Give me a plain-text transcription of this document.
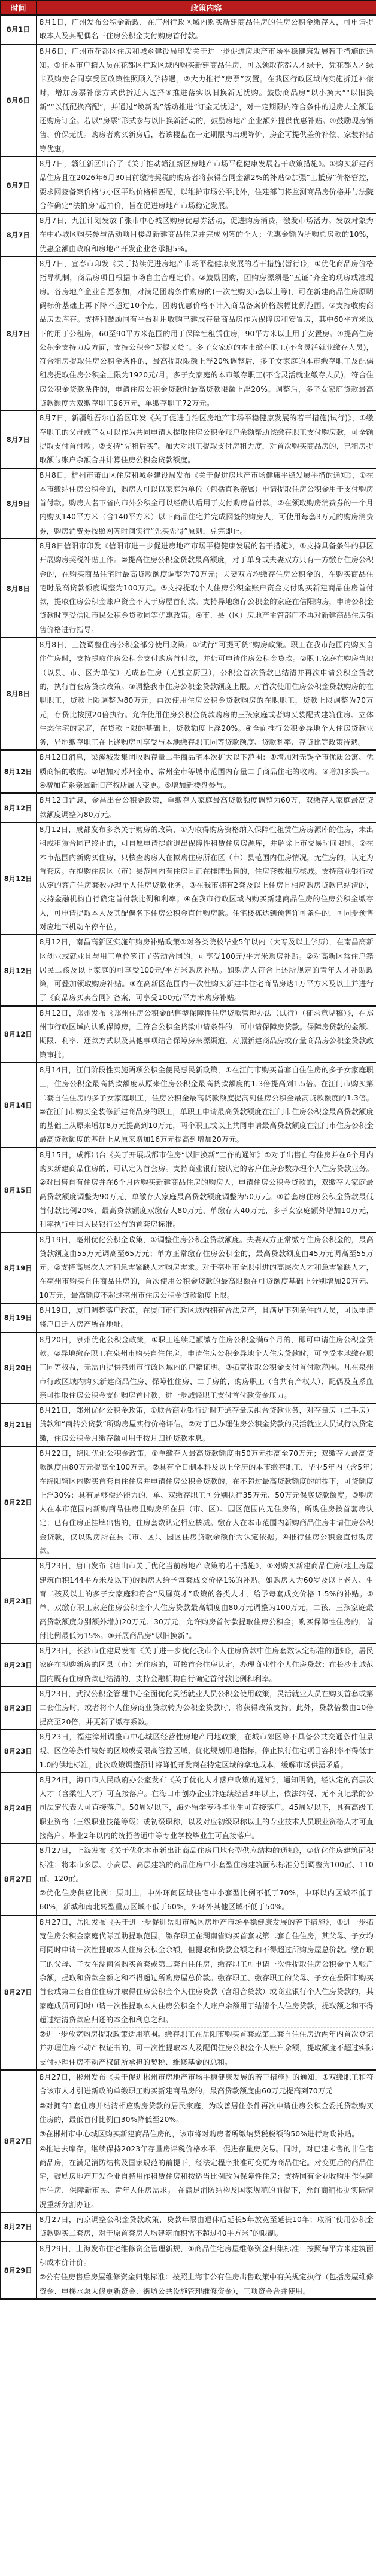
时间	政策内容
8月1日	8月1日，广州发布公积金新政，在广州行政区域内购买新建商品住房的住房公积金缴存人，可申请提取本人及其配偶名下住房公积金支付购房首付款。

8月6日	8月6日，广州市花都区住房和城乡建设局印发关于进一步促进房地产市场平稳健康发展若干措施的通知。①非本市户籍人员在花都区行政区域内购买新建商品住房，可以领取花都人才绿卡，凭花都人才绿卡及购房合同享受区政策性照顾入学待遇。②大力推行“房票”安置。在我区行政区域内实施拆迁补偿时，增加房票补偿方式供拆迁人选择③推进落实以旧换新无忧购。鼓励商品房“以小换大”“以旧换新”“以低配换高配”，并通过“焕新购”活动推进“订金无忧退”，对一定期限内符合条件的退房人全额退还购房订金。若以“房票”形式参与以旧换新活动的，鼓励房地产企业额外提供优惠补贴。④鼓励现房销售、价保无忧。购房者购买新房后，若该楼盘在一定期限内出现降价，房企可提供差价补偿、家装补贴等优惠。

8月7日	8月7日，赣江新区出台了《关于推动赣江新区房地产市场平稳健康发展若干政策措施》。①购买新建商品住房且在2026年6月30日前缴清契税的购房者将获得合同金额2%的补贴②加强“工抵房”价格管控，要求网签备案价格与小区平均价格相匹配，以维护市场公平此外，住建部门将监测商品房价格并与法院合作确定“法拍房”起拍价，旨在促进房地产市场稳定发展。

8月7日	8月7日，九江计划发放千张市中心城区购房优惠券活动，促进购房消费，激发市场活力。发放对象为在中心城区购买参与活动项目楼盘新建商品住房并完成网签的个人；优惠金额为所购总房款的10%，优惠金额由政府和房地产开发企业各承担5%。

8月7日	8月7日，宜春市印发《关于持续促进房地产市场平稳健康发展的若干措施(暂行)》，①优化商品房价格指导机制，商品房项目根据市场自主合理定价。②鼓励团购，团购房源须是“五证”齐全的现房或准现房。各房地产企业自愿参加，对满足团购条件购房的(一次性购买5套以上等)，可在新建商品住房原明码标价基础上再下降不超过10个点，团购优惠价格不计入商品备案价格跌幅比例范围。③支持收购商品房去库存。支持和鼓励国有平台利用收购已建成存量商品房作为保障房和安置房，其中60平方米以下的用于公租房，60至90平方米范围的用于保障性租赁住房，90平方米以上用于安置房。④提高住房公积金支持力度方面，支持公积金“既提又贷”。多子女家庭的本市缴存职工(不含灵活就业缴存人员)，符合租房提取住房公积金条件的，最高提取限额上浮20%调整后，多子女家庭的本市缴存职工及配偶租房提取住房公积金上限为1920元/月。多子女家庭的本市缴存职工(不含灵活就业缴存人员)，符合住房公积金贷款条件的，申请住房公积金贷款时最高贷款限额上浮20%。调整后，多子女家庭贷款最高贷款额度为双缴存职工96万元，单缴存职工72万元。

8月7日	8月7日，新疆维吾尔自治区印发《关于促进自治区房地产市场平稳健康发展的若干措施(试行)》，①缴存职工的父母或子女可以作为共同申请人提取住房公积金账户余额帮助该缴存职工支付购房款，可全额提取支付首付款。②支持“先租后买”。加大对职工提取支付房租力度，对首次购买商品房的，已租房提取额与账户余额合并计算住房公积金贷款额度。

8月9日	8月8日，杭州市萧山区住房和城乡建设局发布《关于促进房地产市场健康平稳发展举措的通知》，①在本市缴纳住房公积金的，购房人可以以家庭为单位（包括直系亲属）申请提取住房公积金用于支付购房首付款。购房人名下省内市外公积金可以经确认后用于支付购房首付款。②在领取购房消费券的一个月内购买140平方米（含140平方米）以下商品住宅并完成网签的购房人，可使用每套3万元的购房消费券，购房消费券按照网签时间实行“先买先得”原则，兑完即止。

8月8日	8月8日信阳市印发《信阳市进一步促进房地产市场平稳健康发展的若干措施》，①支持具备条件的县区开展购房契税补贴工作。②提高住房公积金贷款最高额度，对于单身或夫妻双方只有一方缴存住房公积金的，在购买商品住宅时最高贷款额度调整为70万元；夫妻双方均缴存住房公积金的，在购买商品住宅时最高贷款额度调整为100万元。③支持提取个人住房公积金账户资金支付购买新建商品住房首付款，提取住房公积金账户资金不大于房屋首付款。支持异地缴存公积金的家庭在信阳购房，申请公积金贷款时享受信阳市民公积金贷款同等优惠政策。④市、县（区）房地产主管部门不再对新建商品住房销售价格进行指导。

8月8日	8月8日，上饶调整住房公积金部分使用政策。①试行“可提可贷”购房政策。职工在我市范围内购买自住住房时，支持提取住房公积金支付购房首付款，并仍可申请住房公积金贷款。②职工家庭在购房当地（以县、市、区为单位）无成套住房（无独立厨卫），公积金首次贷款已结清并再次申请公积金贷款的，执行首套房贷款政策。③调整我市住房公积金贷款额度上限。对首次使用住房公积金贷款购房的在职职工，贷款上限调整为80万元，再次使用住房公积金贷款购房的在职职工，贷款上限调整为70万元，存贷比按照20倍执行。允许使用住房公积金贷款购房的三孩家庭或者购买装配式建筑住房、立体生态住宅的家庭，在贷款上限的基础上，贷款额度上浮20%。④全面推行公积金异地个人住房贷款业务，异地缴存职工在上饶购房可享受与本地缴存职工同等贷款额度、贷款利率、存贷比等政策待遇。

8月12日	8月12日消息，梁溪城发集团收购存量二手商品宅本次扩大以下范围：①增加对无锡全市优质公寓、优质商铺的收购。②增加对苏州全市、常州全市等城市范围内存量二手商品住宅的收购。③增加多换一。④增加直系亲属新旧产权所属人变更。⑤增加新楼盘参与。

8月12日	8月12日消息，金昌出台公积金政策，单缴存人家庭最高贷款额度调整为60万，双缴存人家庭最高贷款额度调整为80万元。

8月12日	8月12日，成都发布多条关于购房的政策，①为取得购房资格纳入保障性租赁住房房源库的住房，未出租或租赁合同已终止的，可自愿申请提前退出保障性租赁住房房源库，并解除上市交易时间限制。②在本市范围内新购买住房，只核查购房人在拟购住房所在区（市）县范围内住房情况，无住房的，认定为首套房。在拟购住房区（市）县范围内有住房且正在挂牌出售的，住房套数相应核减。支持商业银行按认定的客户住房套数办理个人住房贷款业务。③在我市拥有2套及以上住房且相应购房贷款已结清的，支持金融机构自行确定首付款比例和利率。④在我市行政区域内购买新建商品住房的住房公积金缴存人，可申请提取本人及其配偶名下住房公积金直付购房款。住宅楼栋达到预售许可条件的，可同步预售对应地下机动车停车位。

8月12日	8月12日，南昌高新区实施年购房补贴政策①对各类院校毕业5年以内（大专及以上学历），在南昌高新区创业或就业且与用工单位签订了劳动合同的，可享受100元/平方米购房补贴。②对高新区常住户籍居民二孩及以上家庭的可享受100元/平方米购房补贴。如购房人符合上述所规定的青年人才补贴政策，可叠加领取购房补贴。③在高新区范围内一次性购买新建非住宅商品房达1万平方米及以上并进行了《商品房买卖合同》备案，可享受100元/平方米购房补贴。

8月12日	8月12日，郑州发布《郑州住房公积金配售型保障性住房贷款管理办法（试行）（征求意见稿）》，在郑州市行政区域内认购保障房，且符合公积金贷款申请条件的，可申请保障房贷款。保障房贷款的金额、期限、利率、还款方式以及其他事项结合保障房来源渠道，对照新建商品房或存量商品房公积金贷款政策审批。

8月14日	8月14日，江门阶段性实施两项公积金便民惠民新政策，①在江门市购买首套自住住房的多子女家庭职工，住房公积金最高贷款额度从原来住房公积金最高贷款额度的1.3倍提高到1.5倍。在江门市购买第二套自住住房的多子女家庭职工，住房公积金最高贷款额度提高到住房公积金最高贷款额度的1.3倍。②在江门市购买全装修新建商品房的职工，单职工申请最高贷款额度在江门市住房公积金最高贷款额度的基础上从原来增加8万元提高到10万元，两个职工或以上共同申请最高贷款额度在江门市住房公积金最高贷款额度的基础上从原来增加16万元提高到增加20万元。

8月15日	8月15日，成都出台《关于开展成都市住房“以旧换新”工作的通知》①对于出售自有住房并在6个月内购买新建商品住房的，可认定为首套房。支持商业银行按认定的客户住房套数办理个人住房贷款业务。②对出售自有住房并在6个月内购买新建商品住房的购房人，申请住房公积金贷款的，双缴存人家庭最高贷款额度调整为90万元，单缴存人家庭最高贷款额度调整为50万元。③首套房住房公积金贷款最低首付款比例20%，最高贷款额度双缴存人80万元、单缴存人40万元，多子女家庭额外增加10万元，利率执行中国人民银行公布的首套房标准。

8月19日	8月19日，亳州优化公积金政策，①调整住房公积金贷款额度。夫妻双方正常缴存住房公积金的，最高贷款额度由55万元调高至65万元；单方正常缴存住房公积金的，最高贷款额度由45万元调高至55万元。②支持高层次人才和急需紧缺人才购房需求。对于亳州市全职引进的高层次人才和急需紧缺人才，在亳州市购买自住商品住房的，首次使用公积金贷款的最高限额在可贷额度基础上分别增加20万元、10万元，最高额度不超过亳州市住房公积金贷款额度上限。

8月19日	8月19日，厦门调整落户政策，在厦门市行政区域内拥有合法房产，且满足下列条件的人员，可以申请将户口迁入房产所在地址。

8月20日	8月20日，泉州优化公积金政策，①职工连续足额缴存住房公积金满6个月的，即可申请住房公积金贷款。②异地缴存职工在泉州市购买自住住房，申请住房公积金异地个人住房贷款时，可享受本地缴存职工同等权益，无需再提供泉州市行政区域内的户籍证明。③拓宽提取公积金支付首付款范围。凡在泉州市行政区域内购买新建商品住房、保障性住房、二手房的，购房职工（含共有产权人）、配偶及直系血亲可提取住房公积金支付购房首付款，进一步减轻职工支付首付款资金压力。

8月21日	8月21日，郑州优化公积金政策，①联合商业银行适时开通存量房组合贷款业务，对存量房（二手房）贷款和“商转公贷款”所购房屋实行价格评估。②对于已办理住房公积金贷款的灵活就业人员试行以贷定缴，住房公积金月缴存额可用于按月归还贷款本息。

8月22日	8月22日，绵阳优化公积金政策，①单缴存人最高贷款额度由50万元提高至70万元；双缴存人最高贷款额度由80万元提高至100万元。②具有全日制本科及以上学历的本市缴存职工，毕业5年内（含5年）在绵阳辖区内购买首套自住住房并申请住房公积金贷款的，在不超过最高贷款额度的前提下，可贷额度上浮30%；具有足够偿还能力的，单、双缴存职工可分别执行35万元、50万元保底贷款额度。③购房人在本市范围内新购商品住房且购房所在县（市、区）、园区范围内无住房的，所购住房按首套房认定；已有住房正挂牌出售的，住房套数认定相应核减。缴存人在本市范围内新购商品住房申请住房公积金贷款，仅以购房所在县（市、区）、园区住房贷款余额作为认定依据。④推行住房公积金直付购房款。

8月23日	8月23日，唐山发布《唐山市关于优化当前房地产政策的若干措施》，①对购买新建商品住房(地上房屋建筑面积144平方米及以下)的购房人给予每套成交价格1%的补贴。如购房人为60岁及以上老人、生育二孩及以上的多子女家庭和符合“凤凰英才”政策的各类人才，给予每套成交价格 1.5%的补贴。②单、双缴存职工家庭住房公积金个人住房贷款最高额度由80万元调整为100万元，二孩、三孩家庭最高贷款额度分别额外增加20万元、30万元，允许购房首付款提取住房公积金；购买保障性住房的，首付比例最低为15%。③开展商品房“以旧换新”。

8月23日	8月23日，长沙市住建局发布《关于进一步优化我市个人住房贷款中住房套数认定标准的通知》，居民家庭在拟购新房的区县（市）无住房的，可按首套住房认定，办理商业性个人住房贷款；在长沙市域范围内既有住房贷款已结清的，支持金融机构自行确定首付款比例和利率。

8月23日	8月23日，武汉公积金管理中心全面优化灵活就业人员公积金使用政策，灵活就业人员在购买首套或第二套住房时，或者将个人住房商业贷款转为公积金贷款时，将获得政策支持。此外，贷款倍数由10倍提高至20倍，并更新了缴存系数。

8月23日	8月23日，福建漳州调整市中心城区经营性房地产用地政策，在城市郊区等不具备公共交通条件但景观、区位等条件较好的区域或受限高管控区域，优化规划用地指标，停止执行住宅项目容积率不得低于1.0的供地标准。此次政策调整预计将降低开发商在特定区域的拿地成本，缓解市场供需矛盾。

8月24日	8月24日，海口市人民政府办公室发布《关于优化人才落户政策的通知》，通知明确，经认定的高层次人才（含柔性人才）可直接落户。在海口市创办企业并连续经营3年以上，依法纳税、无不良记录的公司法定代表人可直接落户。50周岁以下，海外留学专科毕业生可直接落户。45周岁以下，具有高级工职业资格（三级职业技能等级）或初级职称，以及对应初级职称以上的专业技术人员职业资格人才可直接落户。毕业2年以内的统招普通中等专业学校毕业生可直接落户。

8月27日	8月27日，上海发布《关于优化本市新出让商品住房用地套型供应结构的通知》，①优化住房建筑面积标准：将本市多层、小高层、高层建筑的商品住房中小套型住房建筑面积标准分别调整为100㎡、110㎡、120㎡。
②优化住房供应比例：原则上，中外环间区域住宅中小套型比例不低于70%，中环以内区域不低于60%，新城和南北转型重点区域不低于60%，外环外其他区域不低于50%。

8月27日	8月27日，岳阳发布《关于进一步促进岳阳市城区房地产市场平稳健康发展的若干措施》，①进一步拓宽住房公积金家庭代际互助提取范围。缴存职工在湖南省购买首套或第二套自住住房，其父母、子女均可同时申请一次性提取本人住房公积金余额，但提取和贷款金额之和不得超过所购房屋总价款。缴存职工的父母、子女在湖南省购买首套或第二套自住住房，缴存职工可申请一次性提取住房公积金个人账户余额，提取和贷款金额之和不得超过所购房屋总价款。缴存职工、缴存职工的父母、子女在岳阳市购买首套或第二套自住住房并取得住房公积金个人住房贷款（含组合贷款）或商业银行个人住房贷款的，其家庭成员可同时申请一次性提取本人住房公积金个人账户余额用于结清个人住房贷款，提取额之和不得超过结清贷款应归还的本金和利息之和。
②进一步放宽购房提取政策适用范围。缴存职工在岳阳市购买首套或第二套自住住房近两年内首次登记并办理住房不动产权证书的，可一次性提取本人及配偶住房公积金个人账户余额，提取额度不超过实际支付办理住房不动产权证所承担的契税、维修基金的总和。

8月27日	8月27日，彬州发布《关于促进郴州市房地产市场平稳健康发展的若干措施》的通知，①双缴职工和符合该市人才引进新政的单缴职工购买新建商品房的，最高贷款额度由60万元提高到70万元
②对拥有1套住房并结清相应购房贷款的居民家庭，为改善居住条件再次申请住房公积金委托贷款购买住房的，最低首付比例由30%降低至20%。
③在郴州市中心城区购买新建商品住房的，该市将对购房者所缴纳契税税额的50%进行财政补贴。
④推进去库存。继续保持2023年存量房评税价格水平，促进存量房交易。同时，对已建未售的非住宅商品房，在满足消防结构及国家规范的前提下，经法定程序批准可变更为商品住宅。对变更后的商品住宅，鼓励房地产开发企业自持用作租赁住房和按适当比例改为保障性住房；支持国有企业收购用作保障性住房，保障新市民、青年人住房需求。 在满足消防结构及国家规范的前提下，允许商铺根据实际情况重新分割办证。

8月27日	8月27日，南京调整公积金贷款政策，贷款年限由退休后延长5年放宽至延长10年；取消“使用公积金贷款购买二套房，对于原首套房人均建筑面积需不超过40平方米”的限制。

8月29日	8月29日，上海发布住宅维修资金管理新规，①商品住宅房屋维修资金归集标准：按照每平方米建筑面积成本价计价。
②公有住房售后房屋维修资金归集标准：按照上海市公有住房出售政策中有关规定执行（包括房屋维修资金、电梯水泵大修更新资金、街坊公共设施管理维修资金），三项资金合并使用。
